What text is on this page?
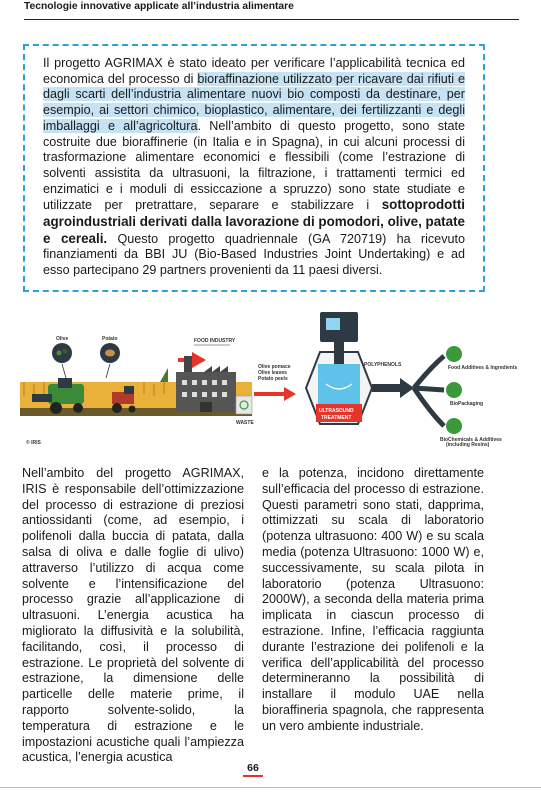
Tecnologie innovative applicate all’industria alimentare

Il progetto AGRIMAX è stato ideato per verificare l’applicabilità tecnica ed economica del processo di bioraffinazione utilizzato per ricavare dai rifiuti e dagli scarti dell’industria alimentare nuovi bio composti da destinare, per esempio, ai settori chimico, bioplastico, alimentare, dei fertilizzanti e degli imballaggi e all’agricoltura. Nell’ambito di questo progetto, sono state costruite due bioraffinerie (in Italia e in Spagna), in cui alcuni processi di trasformazione alimentare economici e flessibili (come l’estrazione di solventi assistita da ultrasuoni, la filtrazione, i trattamenti termici ed enzimatici e i moduli di essiccazione a spruzzo) sono state studiate e utilizzate per pretrattare, separare e stabilizzare i sottoprodotti agroindustriali derivati dalla lavorazione di pomodori, olive, patate e cereali. Questo progetto quadriennale (GA 720719) ha ricevuto finanziamenti da BBI JU (Bio-Based Industries Joint Undertaking) e ad esso partecipano 29 partners provenienti da 11 paesi diversi.

Olive	Potato	FOOD INDUSTRY
WASTE
Olive pomace
Olive leaves
Potato peels
ULTRASOUND
TREATMENT
POLYPHENOLS	Food Additives & Ingredients
BioPackaging
BioChemicals & Additives
(including Resins)
© IRIS

Nell’ambito del progetto AGRIMAX, IRIS è responsabile dell’ottimizzazione del processo di estrazione di preziosi antiossidanti (come, ad esempio, i polifenoli dalla buccia di patata, dalla salsa di oliva e dalle foglie di ulivo) attraverso l’utilizzo di acqua come solvente e l’intensificazione del processo grazie all’applicazione di ultrasuoni. L’energia acustica ha migliorato la diffusività e la solubilità, facilitando, così, il processo di estrazione. Le proprietà del solvente di estrazione, la dimensione delle particelle delle materie prime, il rapporto solvente-solido, la temperatura di estrazione e le impostazioni acustiche quali l’ampiezza acustica, l’energia acustica

e la potenza, incidono direttamente sull’efficacia del processo di estrazione. Questi parametri sono stati, dapprima, ottimizzati su scala di laboratorio (potenza ultrasuono: 400 W) e su scala media (potenza Ultrasuono: 1000 W) e, successivamente, su scala pilota in laboratorio (potenza Ultrasuono: 2000W), a seconda della materia prima implicata in ciascun processo di estrazione. Infine, l’efficacia raggiunta durante l’estrazione dei polifenoli e la verifica dell’applicabilità del processo determineranno la possibilità di installare il modulo UAE nella bioraffineria spagnola, che rappresenta un vero ambiente industriale.

66
